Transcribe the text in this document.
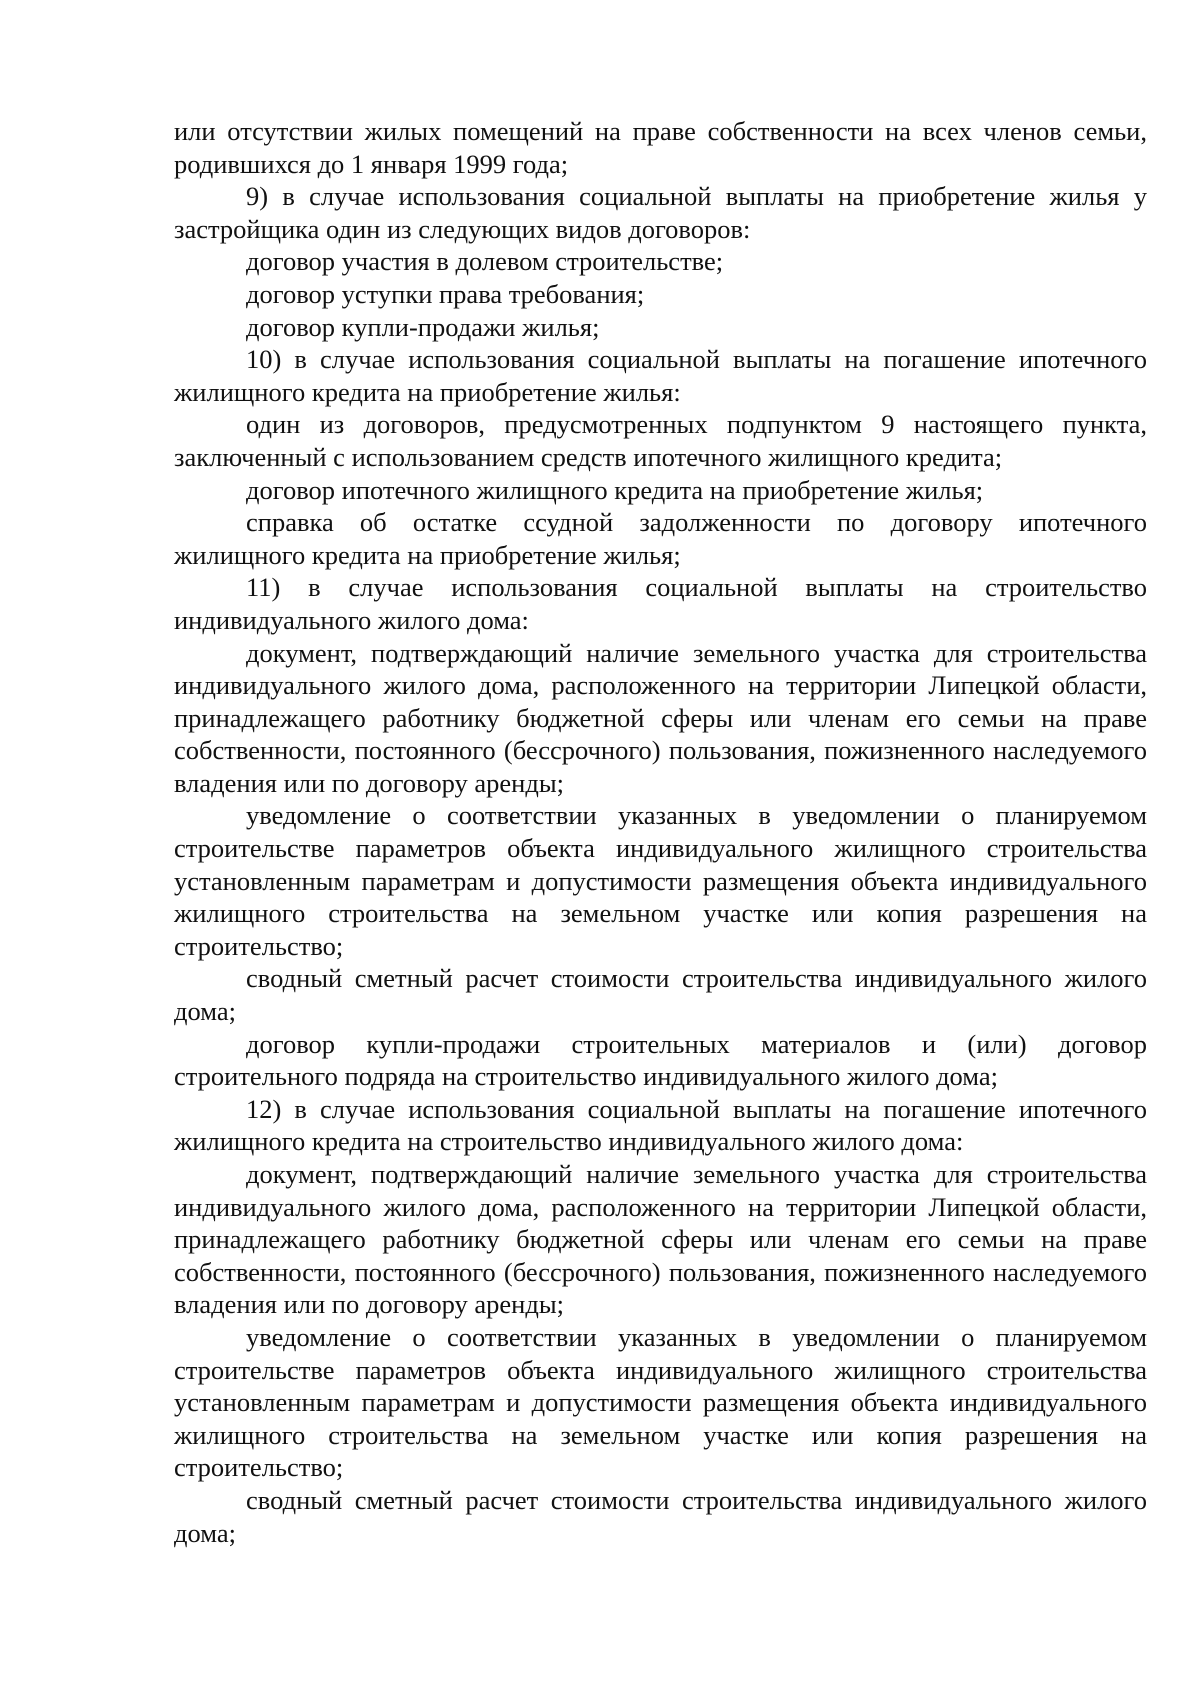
или отсутствии жилых помещений на праве собственности на всех членов семьи, родившихся до 1 января 1999 года;

9) в случае использования социальной выплаты на приобретение жилья у застройщика один из следующих видов договоров:

договор участия в долевом строительстве;

договор уступки права требования;

договор купли-продажи жилья;

10) в случае использования социальной выплаты на погашение ипотечного жилищного кредита на приобретение жилья:

один из договоров, предусмотренных подпунктом 9 настоящего пункта, заключенный с использованием средств ипотечного жилищного кредита;

договор ипотечного жилищного кредита на приобретение жилья;

справка об остатке ссудной задолженности по договору ипотечного жилищного кредита на приобретение жилья;

11) в случае использования социальной выплаты на строительство индивидуального жилого дома:

документ, подтверждающий наличие земельного участка для строительства индивидуального жилого дома, расположенного на территории Липецкой области, принадлежащего работнику бюджетной сферы или членам его семьи на праве собственности, постоянного (бессрочного) пользования, пожизненного наследуемого владения или по договору аренды;

уведомление о соответствии указанных в уведомлении о планируемом строительстве параметров объекта индивидуального жилищного строительства установленным параметрам и допустимости размещения объекта индивидуального жилищного строительства на земельном участке или копия разрешения на строительство;

сводный сметный расчет стоимости строительства индивидуального жилого дома;

договор купли-продажи строительных материалов и (или) договор строительного подряда на строительство индивидуального жилого дома;

12) в случае использования социальной выплаты на погашение ипотечного жилищного кредита на строительство индивидуального жилого дома:

документ, подтверждающий наличие земельного участка для строительства индивидуального жилого дома, расположенного на территории Липецкой области, принадлежащего работнику бюджетной сферы или членам его семьи на праве собственности, постоянного (бессрочного) пользования, пожизненного наследуемого владения или по договору аренды;

уведомление о соответствии указанных в уведомлении о планируемом строительстве параметров объекта индивидуального жилищного строительства установленным параметрам и допустимости размещения объекта индивидуального жилищного строительства на земельном участке или копия разрешения на строительство;

сводный сметный расчет стоимости строительства индивидуального жилого дома;
